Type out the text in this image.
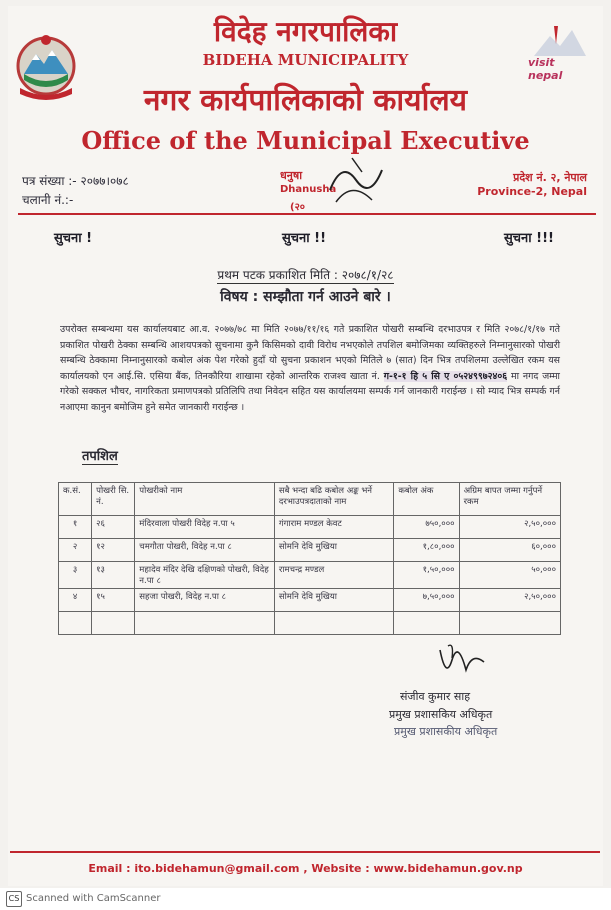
visit nepal
विदेह नगरपालिका
BIDEHA MUNICIPALITY
नगर कार्यपालिकाको कार्यालय
Office of the Municipal Executive
पत्र संख्या :- २०७७।०७८
चलानी नं.:-
धनुषा
Dhanusha
(२०
प्रदेश नं. २, नेपाल
Province-2, Nepal
सुचना !	सुचना !!	सुचना !!!
प्रथम पटक प्रकाशित मिति : २०७८/१/२८
विषय : सम्झौता गर्न आउने बारे ।
उपरोक्त सम्बन्धमा यस कार्यालयबाट आ.व. २०७७/७८ मा मिति २०७७/११/१६ गते प्रकाशित पोखरी सम्बन्धि दरभाउपत्र र मिति २०७८/१/१७ गते प्रकाशित पोखरी ठेक्का सम्बन्धि आशयपत्रको सुचनामा कुनै किसिमको दावी विरोध नभएकोले तपशिल बमोजिमका व्यक्तिहरुले निम्नानुसारको पोखरी सम्बन्धि ठेक्कामा निम्नानुसारको कबोल अंक पेश गरेको हुदाँ यो सुचना प्रकाशन भएको मितिले ७ (सात) दिन भित्र तपशिलमा उल्लेखित रकम यस कार्यालयको एन आई.सि. एसिया बैंक, तिनकौरिया शाखामा रहेको आन्तरिक राजश्व खाता नं. ग-१-१ हि ५ सि ए ०५२४९९७२४०६ मा नगद जम्मा गरेको सक्कल भौचर, नागरिकता प्रमाणपत्रको प्रतिलिपि तथा निवेदन सहित यस कार्यालयमा सम्पर्क गर्न जानकारी गराईन्छ । सो म्याद भित्र सम्पर्क गर्न नआएमा कानुन बमोजिम हुने समेत जानकारी गराईन्छ ।
तपशिल
क.सं.	पोखरी सि. नं.	पोखरीको नाम	सबै भन्दा बढि कबोल अङ्क भर्ने दरभाउपत्रदाताको नाम	कबोल अंक	अग्रिम बापत जम्मा गर्नुपर्ने रकम
१	२६	मंदिरवाला पोखरी विदेह न.पा ५	गंगाराम मण्डल केवट	७५०,०००	२,५०,०००
२	१२	चमगौता पोखरी, विदेह न.पा ८	सोमनि देवि मुखिया	१,८०,०००	६०,०००
३	१३	महादेव मंदिर देखि दक्षिणको पोखरी, विदेह न.पा ८	रामचन्द्र मण्डल	१,५०,०००	५०,०००
४	१५	सहजा पोखरी, विदेह न.पा ८	सोमनि देवि मुखिया	७,५०,०००	२,५०,०००

संजीव कुमार साह
प्रमुख प्रशासकिय अधिकृत
प्रमुख प्रशासकीय अधिकृत
Email : ito.bidehamun@gmail.com , Website : www.bidehamun.gov.np
CS Scanned with CamScanner
